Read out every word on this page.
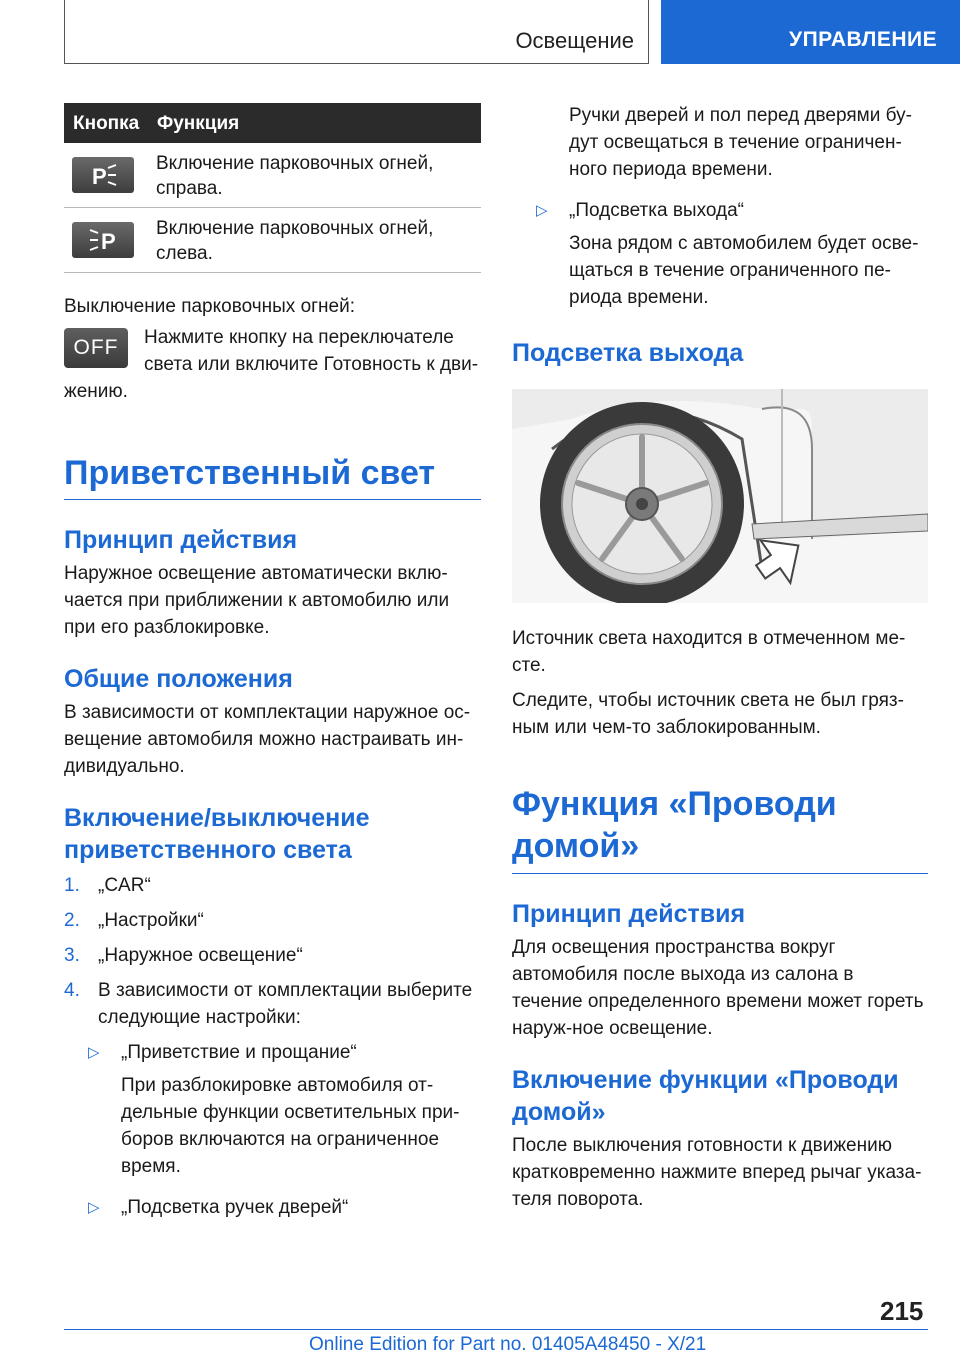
Освещение	УПРАВЛЕНИЕ
Кнопка Функция
P
Включение парковочных огней, справа.
P
Включение парковочных огней, слева.

Выключение парковочных огней:

OFF	Нажмите кнопку на переключателе

света или включите Готовность к дви-

жению.

Приветственный свет
Принцип действия

Наружное освещение автоматически вклю-чается при приближении к автомобилю или при его разблокировке.

Общие положения

В зависимости от комплектации наружное ос-вещение автомобиля можно настраивать ин-дивидуально.

Включение/выключение приветственного света
1. „CAR“
2. „Настройки“
3. „Наружное освещение“
4. В зависимости от комплектации выберите следующие настройки:
▷ „Приветствие и прощание“
При разблокировке автомобиля от-дельные функции осветительных при-боров включаются на ограниченное время.
▷ „Подсветка ручек дверей“
Ручки дверей и пол перед дверями бу-дут освещаться в течение ограничен-ного периода времени.
▷ „Подсветка выхода“
Зона рядом с автомобилем будет осве-щаться в течение ограниченного пе-риода времени.
Подсветка выхода

Источник света находится в отмеченном ме-сте.

Следите, чтобы источник света не был гряз-ным или чем-то заблокированным.

Функция «Проводи домой»
Принцип действия

Для освещения пространства вокруг автомобиля после выхода из салона в течение определенного времени может гореть наруж-ное освещение.

Включение функции «Проводи домой»

После выключения готовности к движению кратковременно нажмите вперед рычаг указа-теля поворота.

215
Online Edition for Part no. 01405A48450 - X/21
